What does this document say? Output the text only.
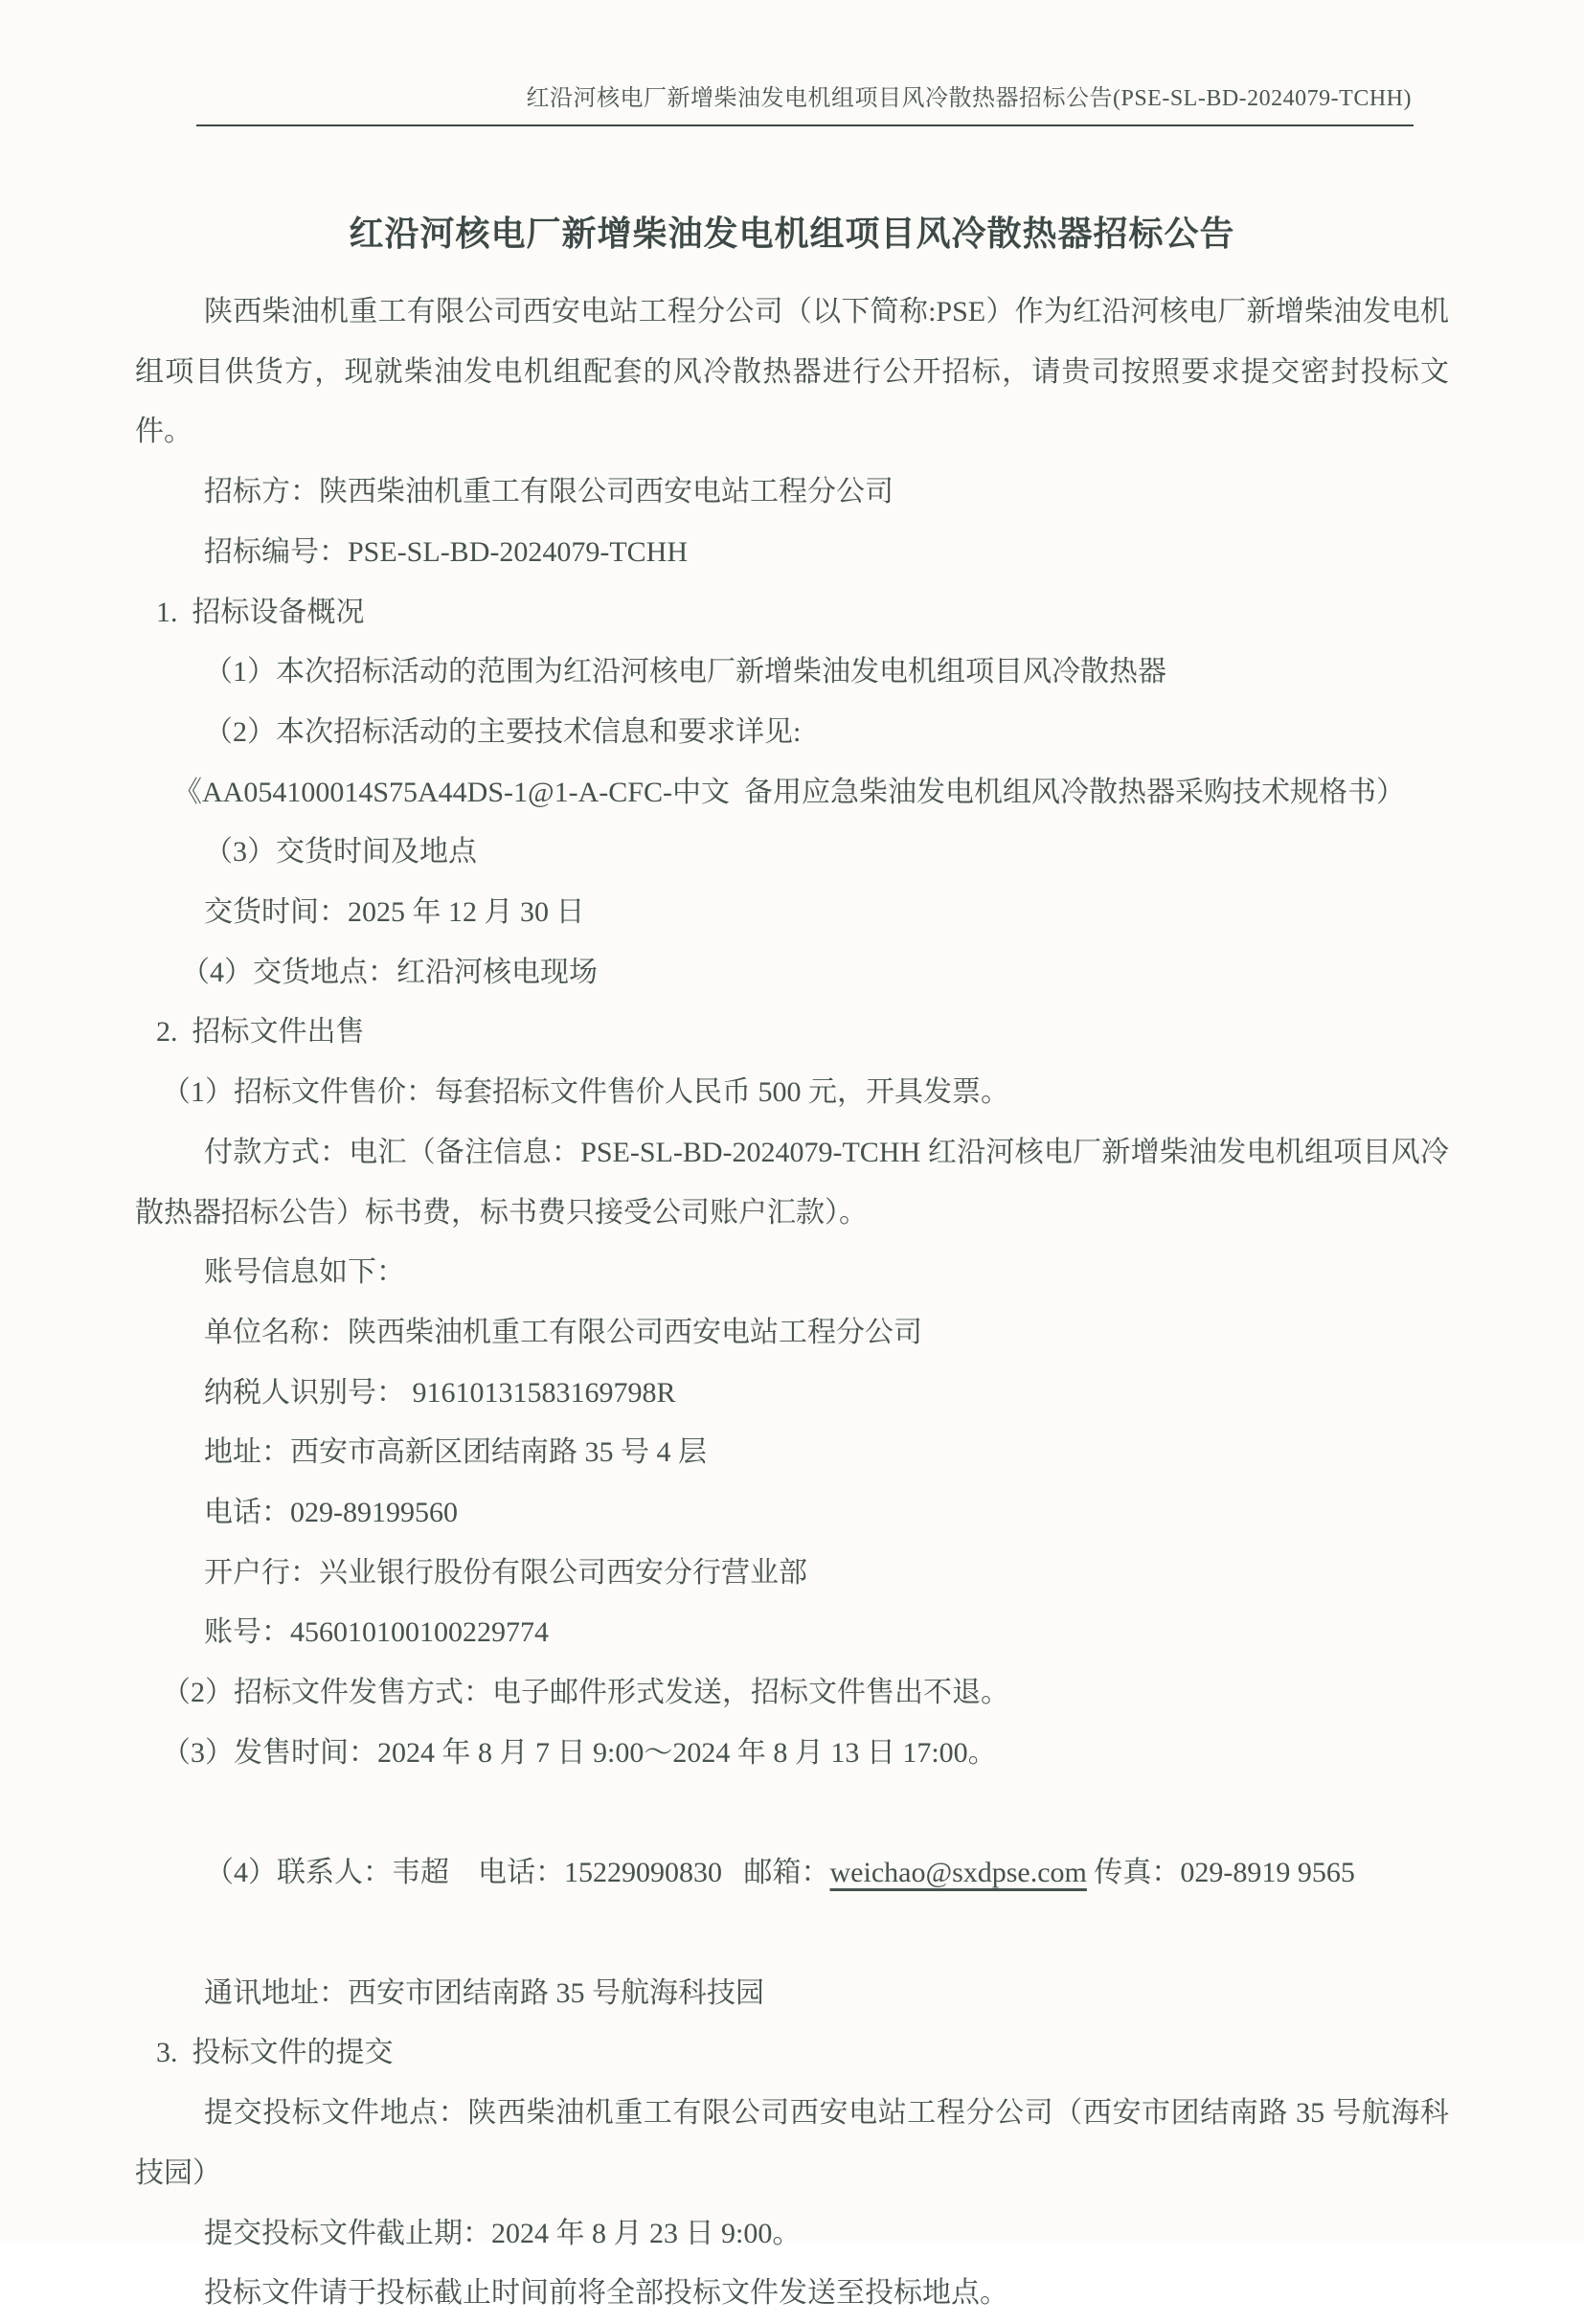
红沿河核电厂新增柴油发电机组项目风冷散热器招标公告(PSE-SL-BD-2024079-TCHH)
红沿河核电厂新增柴油发电机组项目风冷散热器招标公告

陕西柴油机重工有限公司西安电站工程分公司（以下简称:PSE）作为红沿河核电厂新增柴油发电机组项目供货方，现就柴油发电机组配套的风冷散热器进行公开招标，请贵司按照要求提交密封投标文件。

招标方：陕西柴油机重工有限公司西安电站工程分公司

招标编号：PSE-SL-BD-2024079-TCHH

1.  招标设备概况

（1）本次招标活动的范围为红沿河核电厂新增柴油发电机组项目风冷散热器

（2）本次招标活动的主要技术信息和要求详见:

《AA054100014S75A44DS-1@1-A-CFC-中文  备用应急柴油发电机组风冷散热器采购技术规格书）

（3）交货时间及地点

交货时间：2025 年 12 月 30 日

（4）交货地点：红沿河核电现场

2.  招标文件出售

（1）招标文件售价：每套招标文件售价人民币 500 元，开具发票。

付款方式：电汇（备注信息：PSE-SL-BD-2024079-TCHH 红沿河核电厂新增柴油发电机组项目风冷散热器招标公告）标书费，标书费只接受公司账户汇款）。

账号信息如下：

单位名称：陕西柴油机重工有限公司西安电站工程分公司

纳税人识别号： 91610131583169798R

地址：西安市高新区团结南路 35 号 4 层

电话：029-89199560

开户行：兴业银行股份有限公司西安分行营业部

账号：456010100100229774

（2）招标文件发售方式：电子邮件形式发送，招标文件售出不退。

（3）发售时间：2024 年 8 月 7 日 9:00～2024 年 8 月 13 日 17:00。

（4）联系人：韦超    电话：15229090830   邮箱：weichao@sxdpse.com 传真：029-8919 9565

通讯地址：西安市团结南路 35 号航海科技园

3.  投标文件的提交

提交投标文件地点：陕西柴油机重工有限公司西安电站工程分公司（西安市团结南路 35 号航海科技园）

提交投标文件截止期：2024 年 8 月 23 日 9:00。

投标文件请于投标截止时间前将全部投标文件发送至投标地点。
